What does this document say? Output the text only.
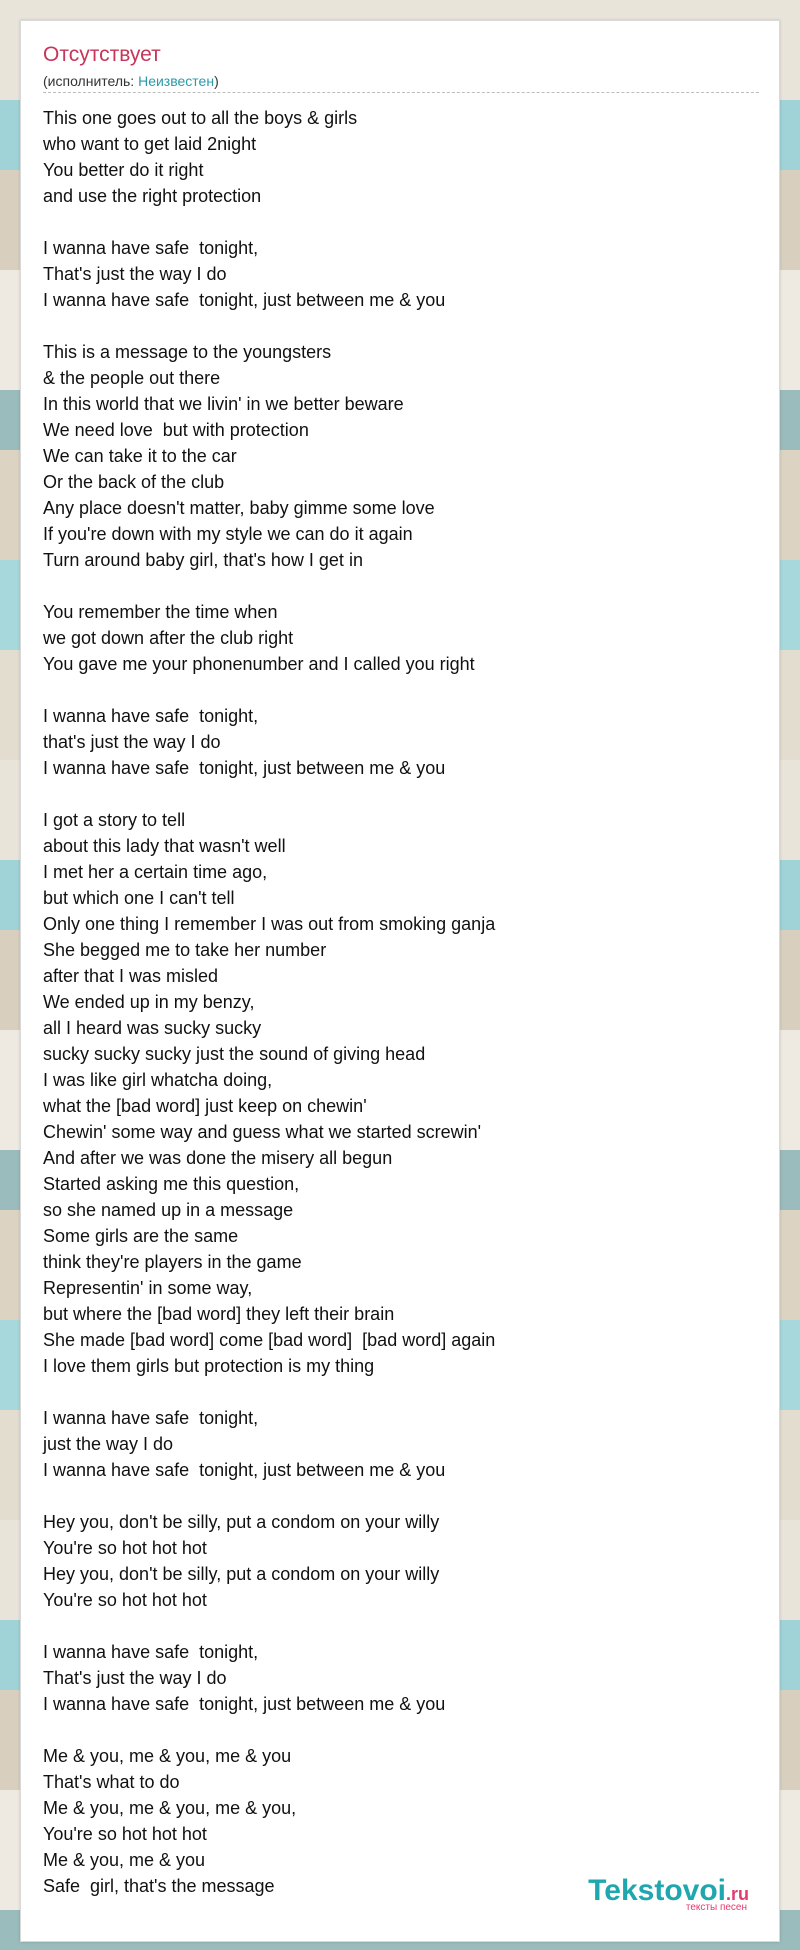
Отсутствует
(исполнитель: Неизвестен)
This one goes out to all the boys & girls
who want to get laid 2night
You better do it right
and use the right protection
I wanna have safe  tonight,
That's just the way I do
I wanna have safe  tonight, just between me & you
This is a message to the youngsters
& the people out there
In this world that we livin' in we better beware
We need love  but with protection
We can take it to the car
Or the back of the club
Any place doesn't matter, baby gimme some love
If you're down with my style we can do it again
Turn around baby girl, that's how I get in
You remember the time when
we got down after the club right
You gave me your phonenumber and I called you right
I wanna have safe  tonight,
that's just the way I do
I wanna have safe  tonight, just between me & you
I got a story to tell
about this lady that wasn't well
I met her a certain time ago,
but which one I can't tell
Only one thing I remember I was out from smoking ganja
She begged me to take her number
after that I was misled
We ended up in my benzy,
all I heard was sucky sucky
sucky sucky sucky just the sound of giving head
I was like girl whatcha doing,
what the [bad word] just keep on chewin'
Chewin' some way and guess what we started screwin'
And after we was done the misery all begun
Started asking me this question,
so she named up in a message
Some girls are the same
think they're players in the game
Representin' in some way,
but where the [bad word] they left their brain
She made [bad word] come [bad word]  [bad word] again
I love them girls but protection is my thing
I wanna have safe  tonight,
just the way I do
I wanna have safe  tonight, just between me & you
Hey you, don't be silly, put a condom on your willy
You're so hot hot hot
Hey you, don't be silly, put a condom on your willy
You're so hot hot hot
I wanna have safe  tonight,
That's just the way I do
I wanna have safe  tonight, just between me & you
Me & you, me & you, me & you
That's what to do
Me & you, me & you, me & you,
You're so hot hot hot
Me & you, me & you
Safe  girl, that's the message	Tekstovoi.ru
тексты песен
